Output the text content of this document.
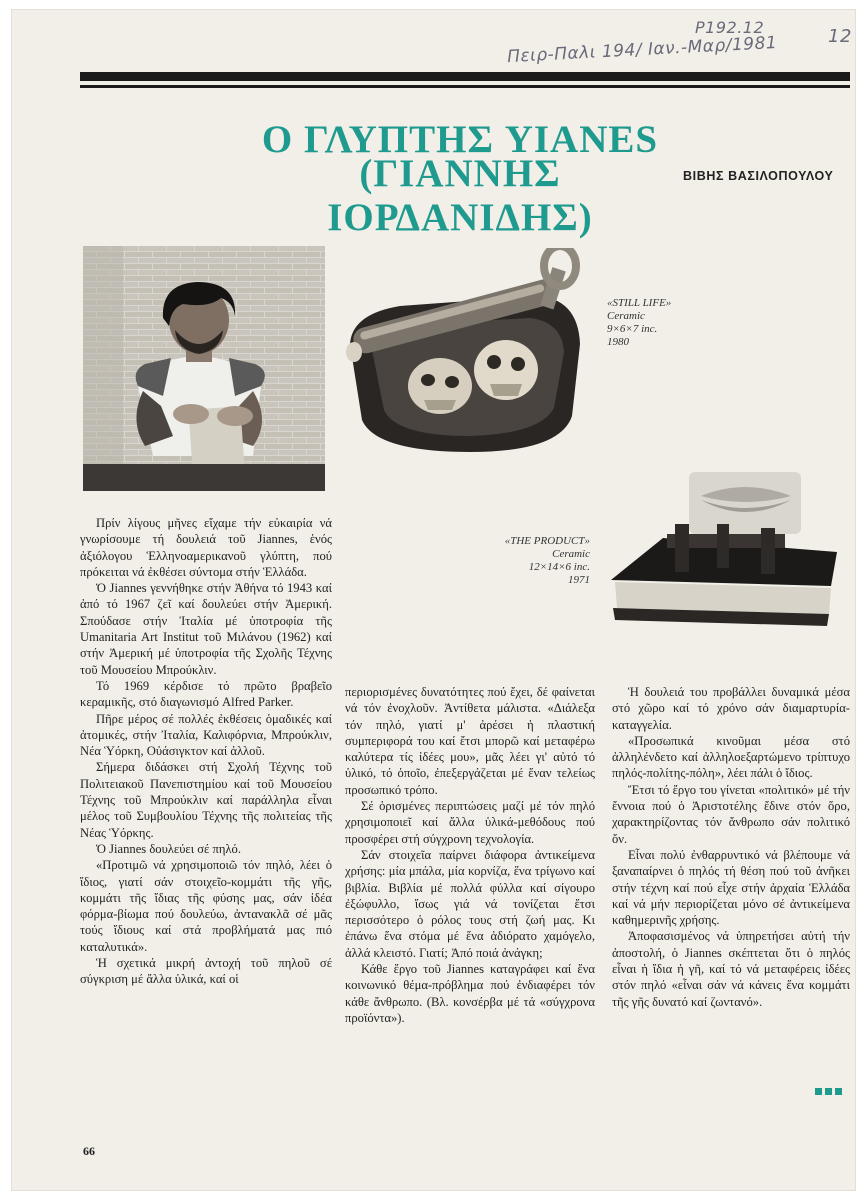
P192.12	12
Πειρ-Παλι 194/ Ιαν.-Μαρ/1981
Ο ΓΛΥΠΤΗΣ YIANES
(ΓΙΑΝΝΗΣ ΙΟΡΔΑΝΙΔΗΣ)
ΒΙΒΗΣ ΒΑΣΙΛΟΠΟΥΛΟΥ
«STILL LIFE»
Ceramic
9×6×7 inc.
1980
«THE PRODUCT»
Ceramic
12×14×6 inc.
1971

Πρίν λίγους μῆνες εἴχαμε τήν εὐκαιρία νά γνωρίσουμε τή δουλειά τοῦ Jiannes, ἑνός ἀξιόλογου Ἑλληνοαμερικανοῦ γλύπτη, πού πρόκειται νά ἐκθέσει σύντομα στήν Ἑλλάδα.

Ὁ Jiannes γεννήθηκε στήν Ἀθήνα τό 1943 καί ἀπό τό 1967 ζεῖ καί δουλεύει στήν Ἀμερική. Σπούδασε στήν Ἰταλία μέ ὑποτροφία τῆς Umanitaria Art Institut τοῦ Μιλάνου (1962) καί στήν Ἀμερική μέ ὑποτροφία τῆς Σχολῆς Τέχνης τοῦ Μουσείου Μπρούκλιν.

Τό 1969 κέρδισε τό πρῶτο βραβεῖο κεραμικῆς, στό διαγωνισμό Alfred Parker.

Πῆρε μέρος σέ πολλές ἐκθέσεις ὁμαδικές καί ἀτομικές, στήν Ἰταλία, Καλιφόρνια, Μπρούκλιν, Νέα Ὑόρκη, Οὐάσιγκτον καί ἀλλοῦ.

Σήμερα διδάσκει στή Σχολή Τέχνης τοῦ Πολιτειακοῦ Πανεπιστημίου καί τοῦ Μουσείου Τέχνης τοῦ Μπρούκλιν καί παράλληλα εἶναι μέλος τοῦ Συμβουλίου Τέχνης τῆς πολιτείας τῆς Νέας Ὑόρκης.

Ὁ Jiannes δουλεύει σέ πηλό.

«Προτιμῶ νά χρησιμοποιῶ τόν πηλό, λέει ὁ ἴδιος, γιατί σάν στοιχεῖο-κομμάτι τῆς γῆς, κομμάτι τῆς ἴδιας τῆς φύσης μας, σάν ἰδέα φόρμα-βίωμα πού δουλεύω, ἀντανακλᾶ σέ μᾶς τούς ἴδιους καί στά προβλήματά μας πιό καταλυτικά».

Ἡ σχετικά μικρή ἀντοχή τοῦ πηλοῦ σέ σύγκριση μέ ἄλλα ὑλικά, καί οἱ

περιορισμένες δυνατότητες πού ἔχει, δέ φαίνεται νά τόν ἐνοχλοῦν. Ἀντίθετα μάλιστα. «Διάλεξα τόν πηλό, γιατί μ' ἀρέσει ἡ πλαστική συμπεριφορά του καί ἔτσι μπορῶ καί μεταφέρω καλύτερα τίς ἰδέες μου», μᾶς λέει γι' αὐτό τό ὑλικό, τό ὁποῖο, ἐπεξεργάζεται μέ ἕναν τελείως προσωπικό τρόπο.

Σέ ὁρισμένες περιπτώσεις μαζί μέ τόν πηλό χρησιμοποιεῖ καί ἄλλα ὑλικά-μεθόδους πού προσφέρει στή σύγχρονη τεχνολογία.

Σάν στοιχεῖα παίρνει διάφορα ἀντικείμενα χρήσης: μία μπάλα, μία κορνίζα, ἕνα τρίγωνο καί βιβλία. Βιβλία μέ πολλά φύλλα καί σίγουρο ἐξώφυλλο, ἴσως γιά νά τονίζεται ἔτσι περισσότερο ὁ ρόλος τους στή ζωή μας. Κι ἐπάνω ἕνα στόμα μέ ἕνα ἀδιόρατο χαμόγελο, ἀλλά κλειστό. Γιατί; Ἀπό ποιά ἀνάγκη;

Κάθε ἔργο τοῦ Jiannes καταγράφει καί ἕνα κοινωνικό θέμα-πρόβλημα πού ἐνδιαφέρει τόν κάθε ἄνθρωπο. (Βλ. κονσέρβα μέ τά «σύγχρονα προϊόντα»).

Ἡ δουλειά του προβάλλει δυναμικά μέσα στό χῶρο καί τό χρόνο σάν διαμαρτυρία-καταγγελία.

«Προσωπικά κινοῦμαι μέσα στό ἀλληλένδετο καί ἀλληλοεξαρτώμενο τρίπτυχο πηλός-πολίτης-πόλη», λέει πάλι ὁ ἴδιος.

Ἔτσι τό ἔργο του γίνεται «πολιτικό» μέ τήν ἔννοια πού ὁ Ἀριστοτέλης ἔδινε στόν ὅρο, χαρακτηρίζοντας τόν ἄνθρωπο σάν πολιτικό ὄν.

Εἶναι πολύ ἐνθαρρυντικό νά βλέπουμε νά ξαναπαίρνει ὁ πηλός τή θέση πού τοῦ ἀνῆκει στήν τέχνη καί πού εἶχε στήν ἀρχαία Ἑλλάδα καί νά μήν περιορίζεται μόνο σέ ἀντικείμενα καθημερινῆς χρήσης.

Ἀποφασισμένος νά ὑπηρετήσει αὐτή τήν ἀποστολή, ὁ Jiannes σκέπτεται ὅτι ὁ πηλός εἶναι ἡ ἴδια ἡ γῆ, καί τό νά μεταφέρεις ἰδέες στόν πηλό «εἶναι σάν νά κάνεις ἕνα κομμάτι τῆς γῆς δυνατό καί ζωντανό».

66
